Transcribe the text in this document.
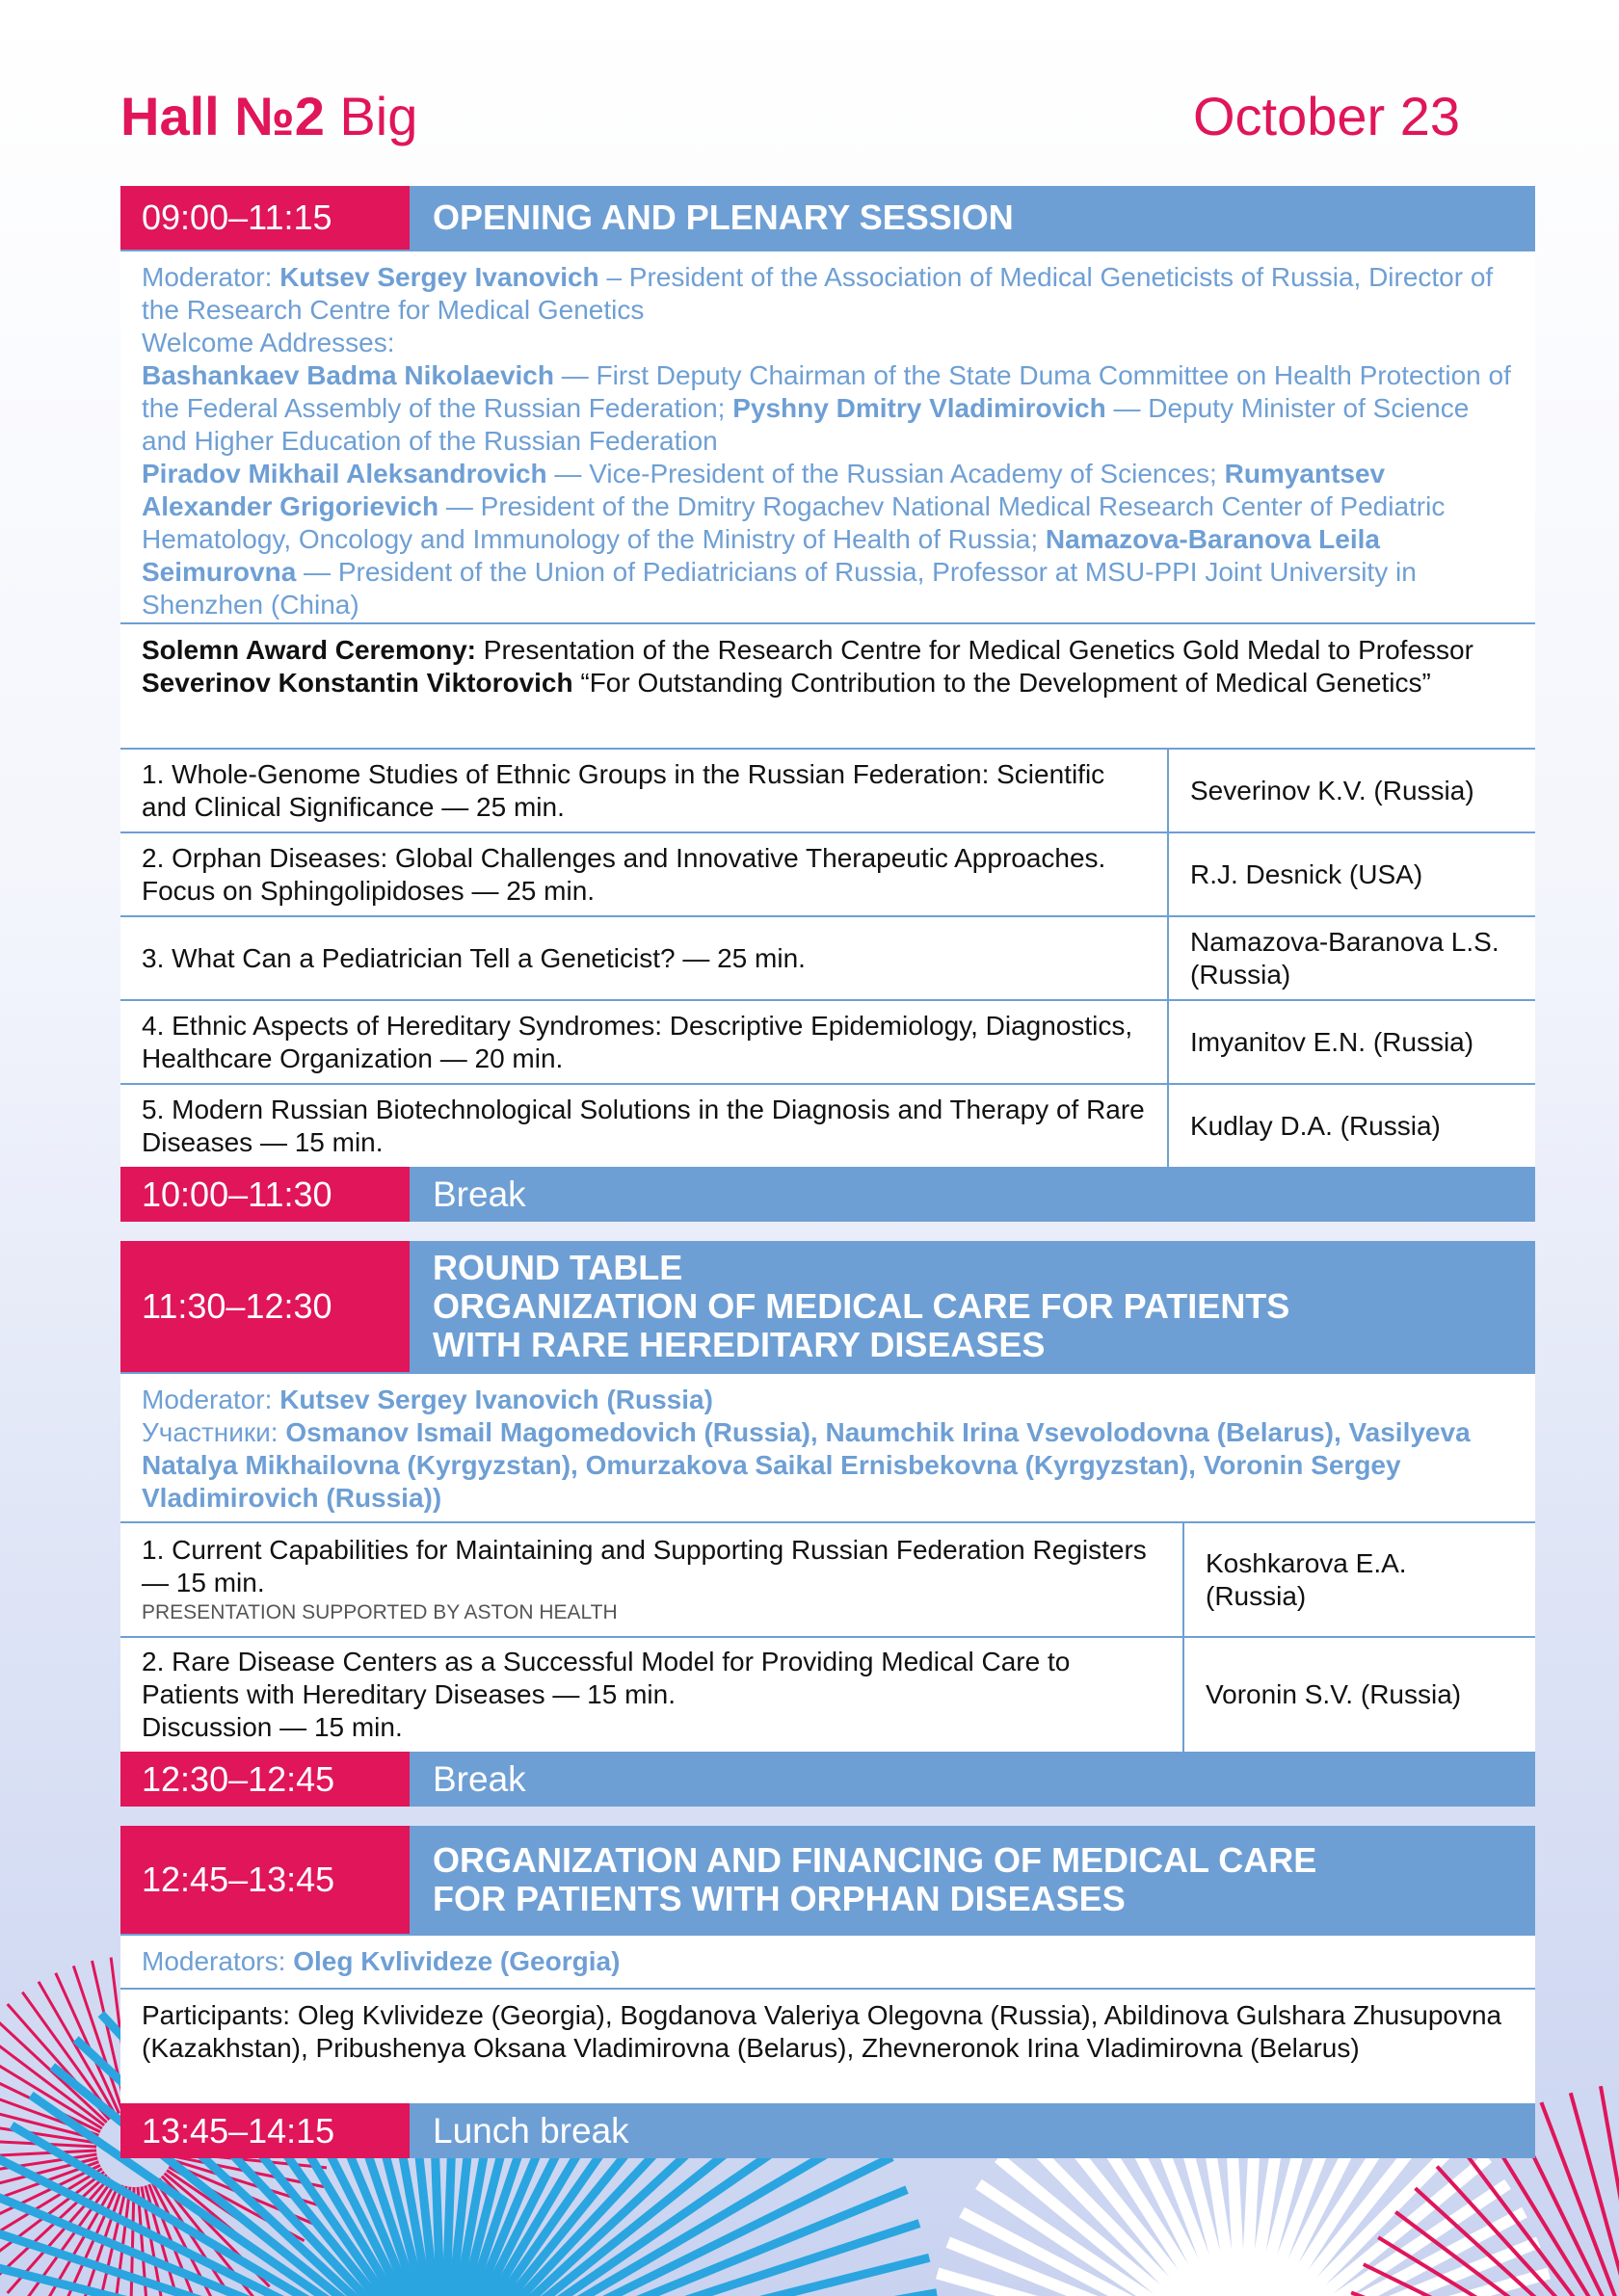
Hall №2 Big	October 23
09:00–11:15	OPENING AND PLENARY SESSION
Moderator: Kutsev Sergey Ivanovich – President of the Association of Medical Geneticists of Russia, Director of the Research Centre for Medical Genetics
Welcome Addresses:
Bashankaev Badma Nikolaevich — First Deputy Chairman of the State Duma Committee on Health Protection of the Federal Assembly of the Russian Federation; Pyshny Dmitry Vladimirovich — Deputy Minister of Science and Higher Education of the Russian Federation
Piradov Mikhail Aleksandrovich — Vice-President of the Russian Academy of Sciences; Rumyantsev Alexander Grigorievich — President of the Dmitry Rogachev National Medical Research Center of Pediatric Hematology, Oncology and Immunology of the Ministry of Health of Russia; Namazova-Baranova Leila Seimurovna — President of the Union of Pediatricians of Russia, Professor at MSU-PPI Joint University in Shenzhen (China)
Solemn Award Ceremony: Presentation of the Research Centre for Medical Genetics Gold Medal to Professor Severinov Konstantin Viktorovich “For Outstanding Contribution to the Development of Medical Genetics”
1. Whole-Genome Studies of Ethnic Groups in the Russian Federation: Scientific and Clinical Significance — 25 min.
Severinov K.V. (Russia)
2. Orphan Diseases: Global Challenges and Innovative Therapeutic Approaches. Focus on Sphingolipidoses — 25 min.
R.J. Desnick (USA)
3. What Can a Pediatrician Tell a Geneticist? — 25 min.
Namazova-Baranova L.S. (Russia)
4. Ethnic Aspects of Hereditary Syndromes: Descriptive Epidemiology, Diagnostics, Healthcare Organization — 20 min.
Imyanitov E.N. (Russia)
5. Modern Russian Biotechnological Solutions in the Diagnosis and Therapy of Rare Diseases — 15 min.
Kudlay D.A. (Russia)
10:00–11:30	Break
11:30–12:30
ROUND TABLE
ORGANIZATION OF MEDICAL CARE FOR PATIENTS
WITH RARE HEREDITARY DISEASES
Moderator: Kutsev Sergey Ivanovich (Russia)
Участники: Osmanov Ismail Magomedovich (Russia), Naumchik Irina Vsevolodovna (Belarus), Vasilyeva Natalya Mikhailovna (Kyrgyzstan), Omurzakova Saikal Ernisbekovna (Kyrgyzstan), Voronin Sergey Vladimirovich (Russia))
1. Current Capabilities for Maintaining and Supporting Russian Federation Registers — 15 min.
PRESENTATION SUPPORTED BY ASTON HEALTH
Koshkarova E.A. (Russia)
2. Rare Disease Centers as a Successful Model for Providing Medical Care to Patients with Hereditary Diseases — 15 min.
Discussion — 15 min.
Voronin S.V. (Russia)
12:30–12:45	Break
12:45–13:45	ORGANIZATION AND FINANCING OF MEDICAL CARE
FOR PATIENTS WITH ORPHAN DISEASES
Moderators: Oleg Kvlivideze (Georgia)
Participants: Oleg Kvlivideze (Georgia), Bogdanova Valeriya Olegovna (Russia), Abildinova Gulshara Zhusupovna (Kazakhstan), Pribushenya Oksana Vladimirovna (Belarus), Zhevneronok Irina Vladimirovna (Belarus)
13:45–14:15	Lunch break
